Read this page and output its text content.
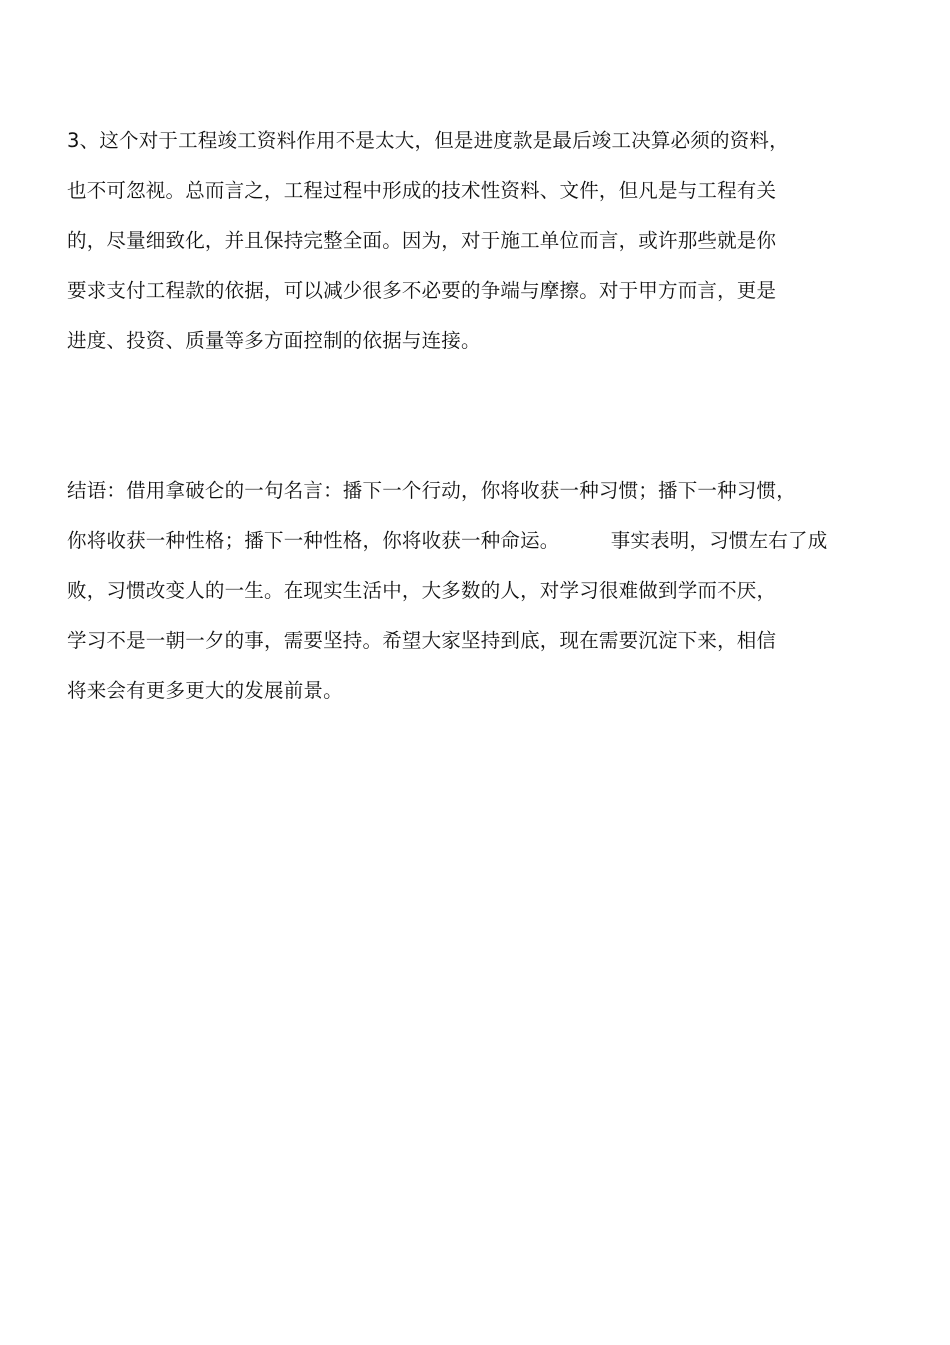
3、这个对于工程竣工资料作用不是太大，但是进度款是最后竣工决算必须的资料，
也不可忽视。总而言之，工程过程中形成的技术性资料、文件，但凡是与工程有关
的，尽量细致化，并且保持完整全面。因为，对于施工单位而言，或许那些就是你
要求支付工程款的依据，可以减少很多不必要的争端与摩擦。对于甲方而言，更是
进度、投资、质量等多方面控制的依据与连接。
结语：借用拿破仑的一句名言：播下一个行动，你将收获一种习惯；播下一种习惯，
你将收获一种性格；播下一种性格，你将收获一种命运。        事实表明，习惯左右了成
败，习惯改变人的一生。在现实生活中，大多数的人，对学习很难做到学而不厌，
学习不是一朝一夕的事，需要坚持。希望大家坚持到底，现在需要沉淀下来，相信
将来会有更多更大的发展前景。
